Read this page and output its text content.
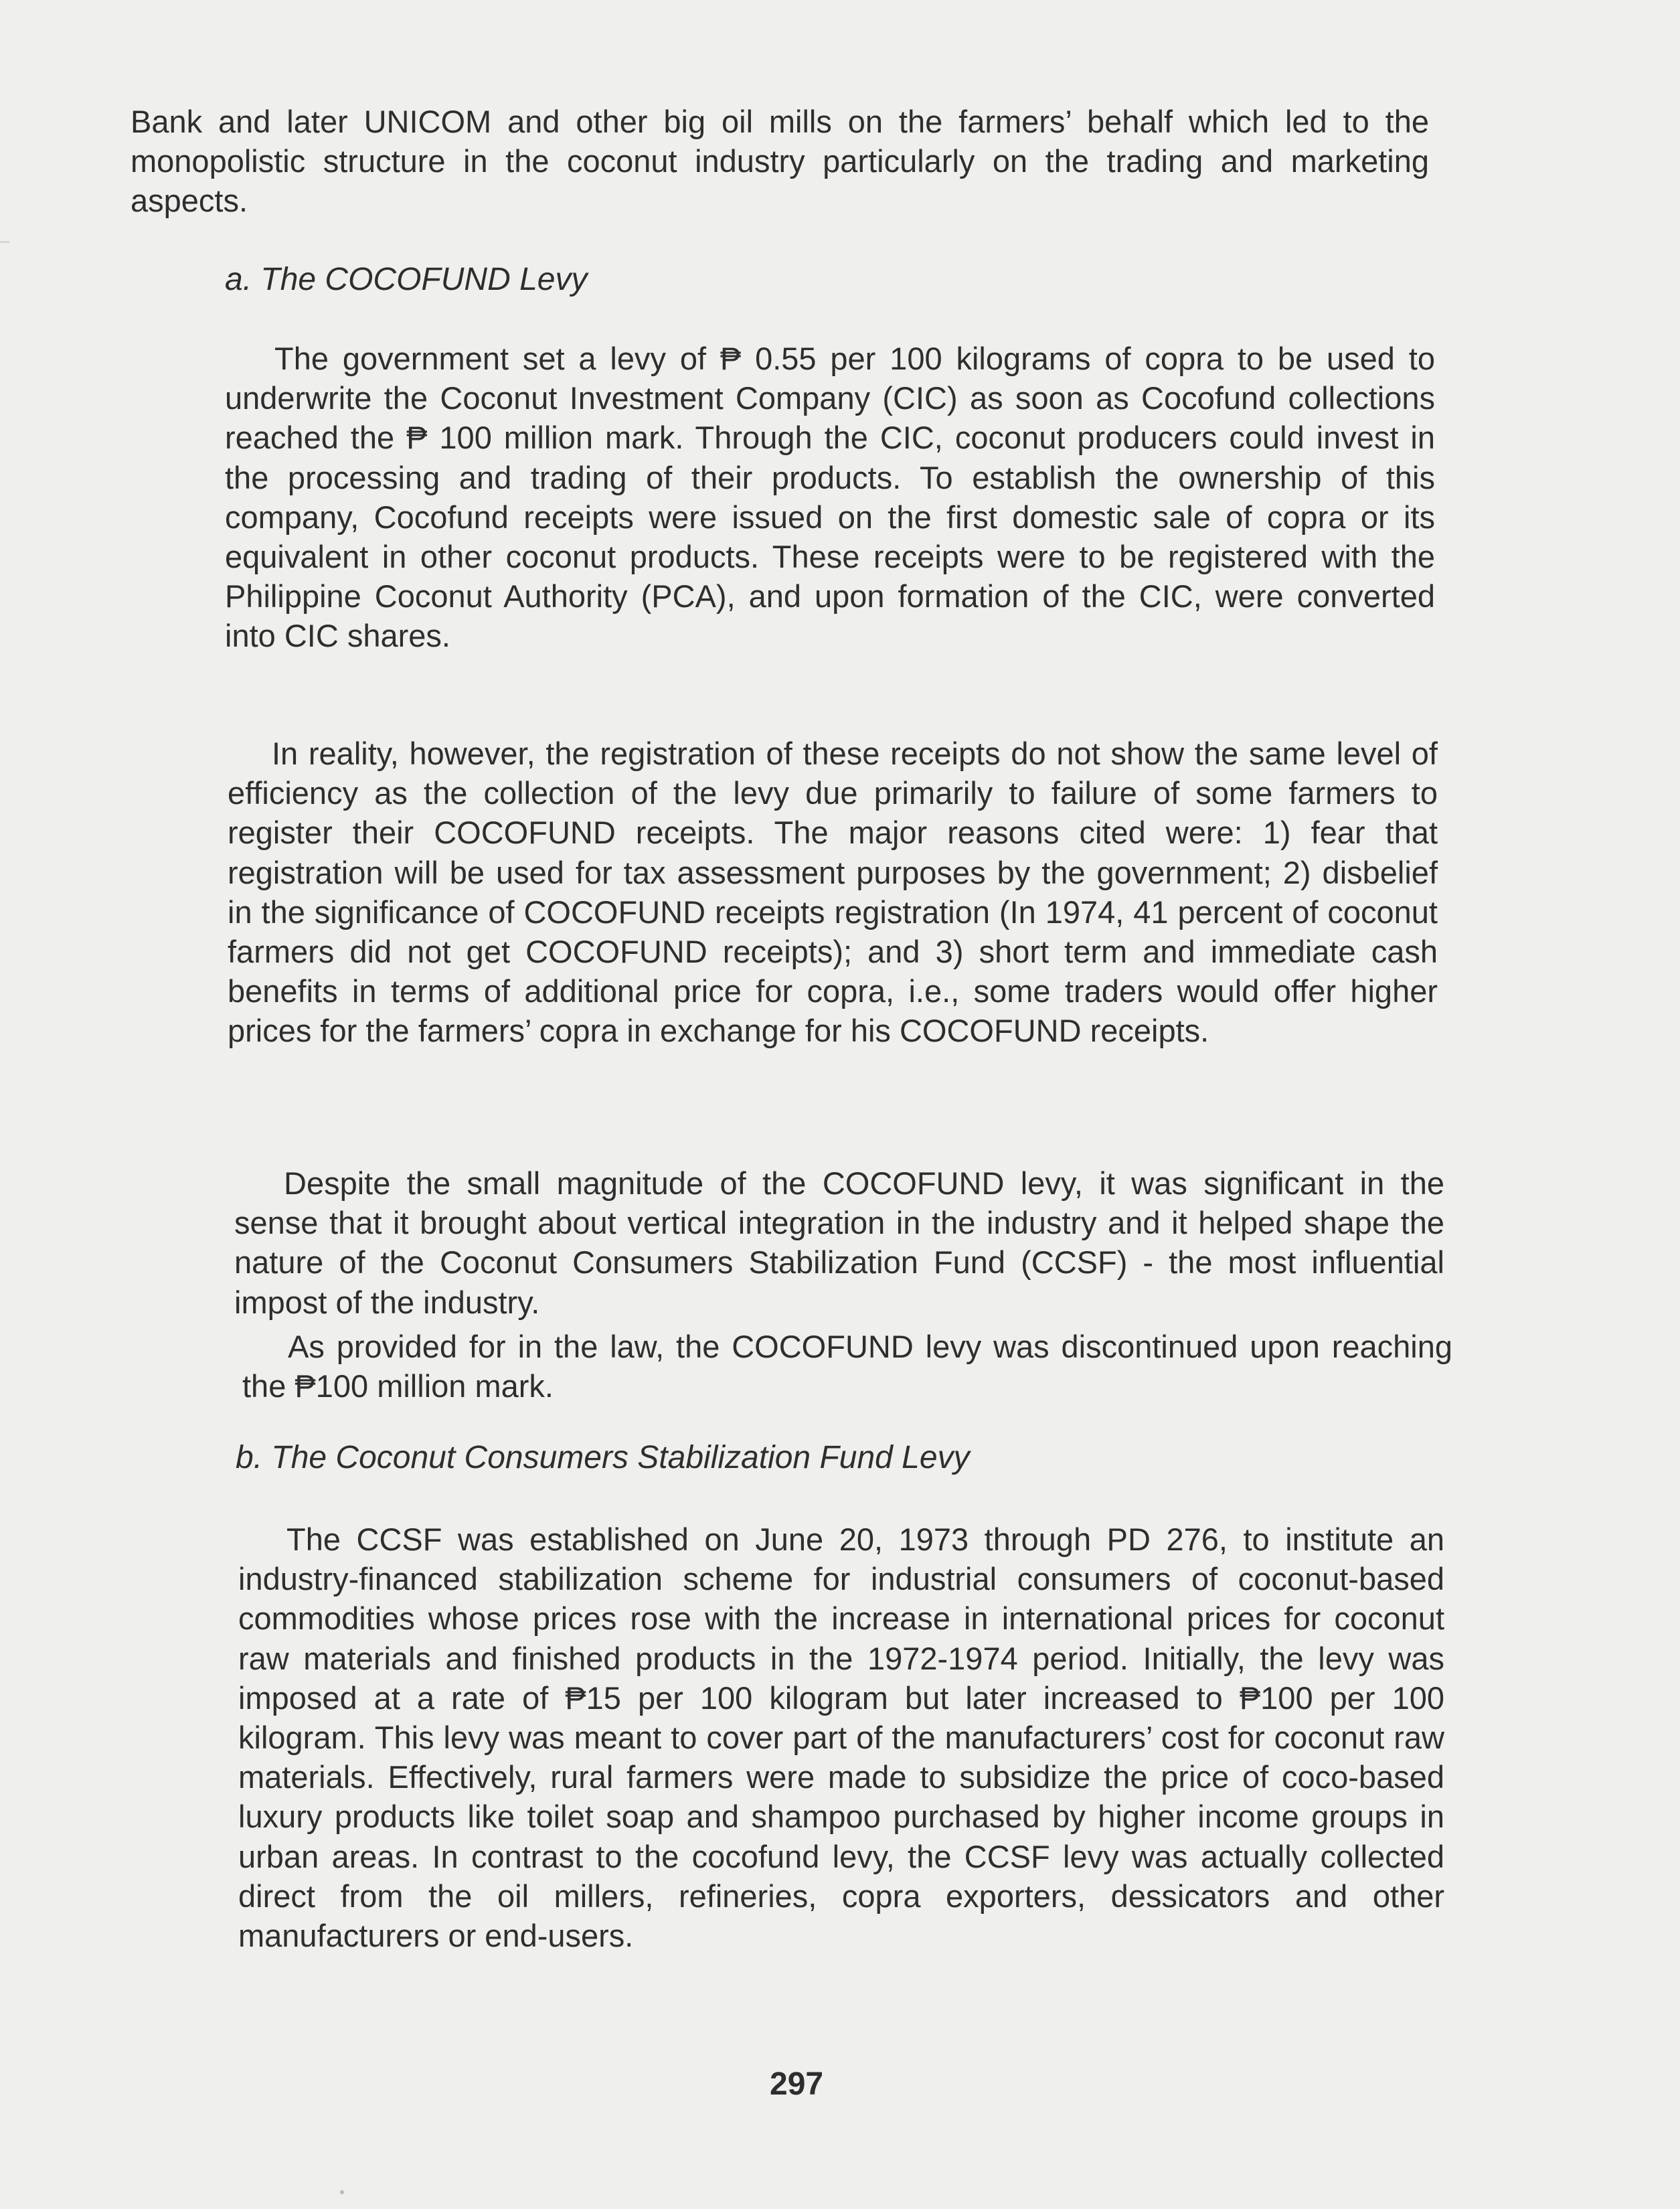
Bank and later UNICOM and other big oil mills on the farmers’ behalf which led to the monopolistic structure in the coconut industry particularly on the trading and marketing aspects.

a. The COCOFUND Levy

The government set a levy of ₱ 0.55 per 100 kilograms of copra to be used to underwrite the Coconut Investment Company (CIC) as soon as Cocofund collections reached the ₱ 100 million mark. Through the CIC, coconut producers could invest in the processing and trading of their products. To establish the ownership of this company, Cocofund receipts were issued on the first domestic sale of copra or its equivalent in other coconut products. These receipts were to be registered with the Philippine Coconut Authority (PCA), and upon formation of the CIC, were converted into CIC shares.

In reality, however, the registration of these receipts do not show the same level of efficiency as the collection of the levy due primarily to failure of some farmers to register their COCOFUND receipts. The major reasons cited were: 1) fear that registration will be used for tax assessment purposes by the government; 2) disbelief in the significance of COCOFUND receipts registration (In 1974, 41 percent of coconut farmers did not get COCOFUND receipts); and 3) short term and immediate cash benefits in terms of additional price for copra, i.e., some traders would offer higher prices for the farmers’ copra in exchange for his COCOFUND receipts.

Despite the small magnitude of the COCOFUND levy, it was significant in the sense that it brought about vertical integration in the industry and it helped shape the nature of the Coconut Consumers Stabilization Fund (CCSF) - the most influential impost of the industry.

As provided for in the law, the COCOFUND levy was discontinued upon reaching the ₱100 million mark.

b. The Coconut Consumers Stabilization Fund Levy

The CCSF was established on June 20, 1973 through PD 276, to institute an industry-financed stabilization scheme for industrial consumers of coconut-based commodities whose prices rose with the increase in international prices for coconut raw materials and finished products in the 1972-1974 period. Initially, the levy was imposed at a rate of ₱15 per 100 kilogram but later increased to ₱100 per 100 kilogram. This levy was meant to cover part of the manufacturers’ cost for coconut raw materials. Effectively, rural farmers were made to subsidize the price of coco-based luxury products like toilet soap and shampoo purchased by higher income groups in urban areas. In contrast to the cocofund levy, the CCSF levy was actually collected direct from the oil millers, refineries, copra exporters, dessicators and other manufacturers or end-users.

297
